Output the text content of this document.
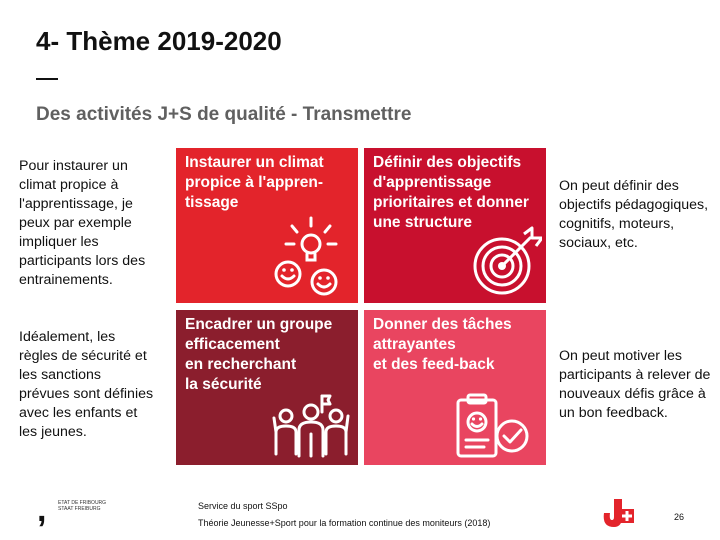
4- Thème 2019-2020
Des activités J+S de qualité - Transmettre
Pour instaurer un climat propice à l'apprentissage, je peux par exemple impliquer les participants lors des entrainements.
Idéalement, les règles de sécurité et les sanctions prévues sont définies avec les enfants et les jeunes.
On peut définir des objectifs pédagogiques, cognitifs, moteurs, sociaux, etc.
On peut motiver les participants à relever de nouveaux défis grâce à un bon feedback.
Instaurer un climat
propice à l'appren-
tissage
Définir des objectifs
d'apprentissage
prioritaires et donner
une structure
Encadrer un groupe
efficacement
en recherchant
la sécurité
Donner des tâches
attrayantes
et des feed-back
, ETAT DE FRIBOURG
STAAT FREIBURG	Service du sport SSpo
Théorie Jeunesse+Sport pour la formation continue des moniteurs (2018)
26
